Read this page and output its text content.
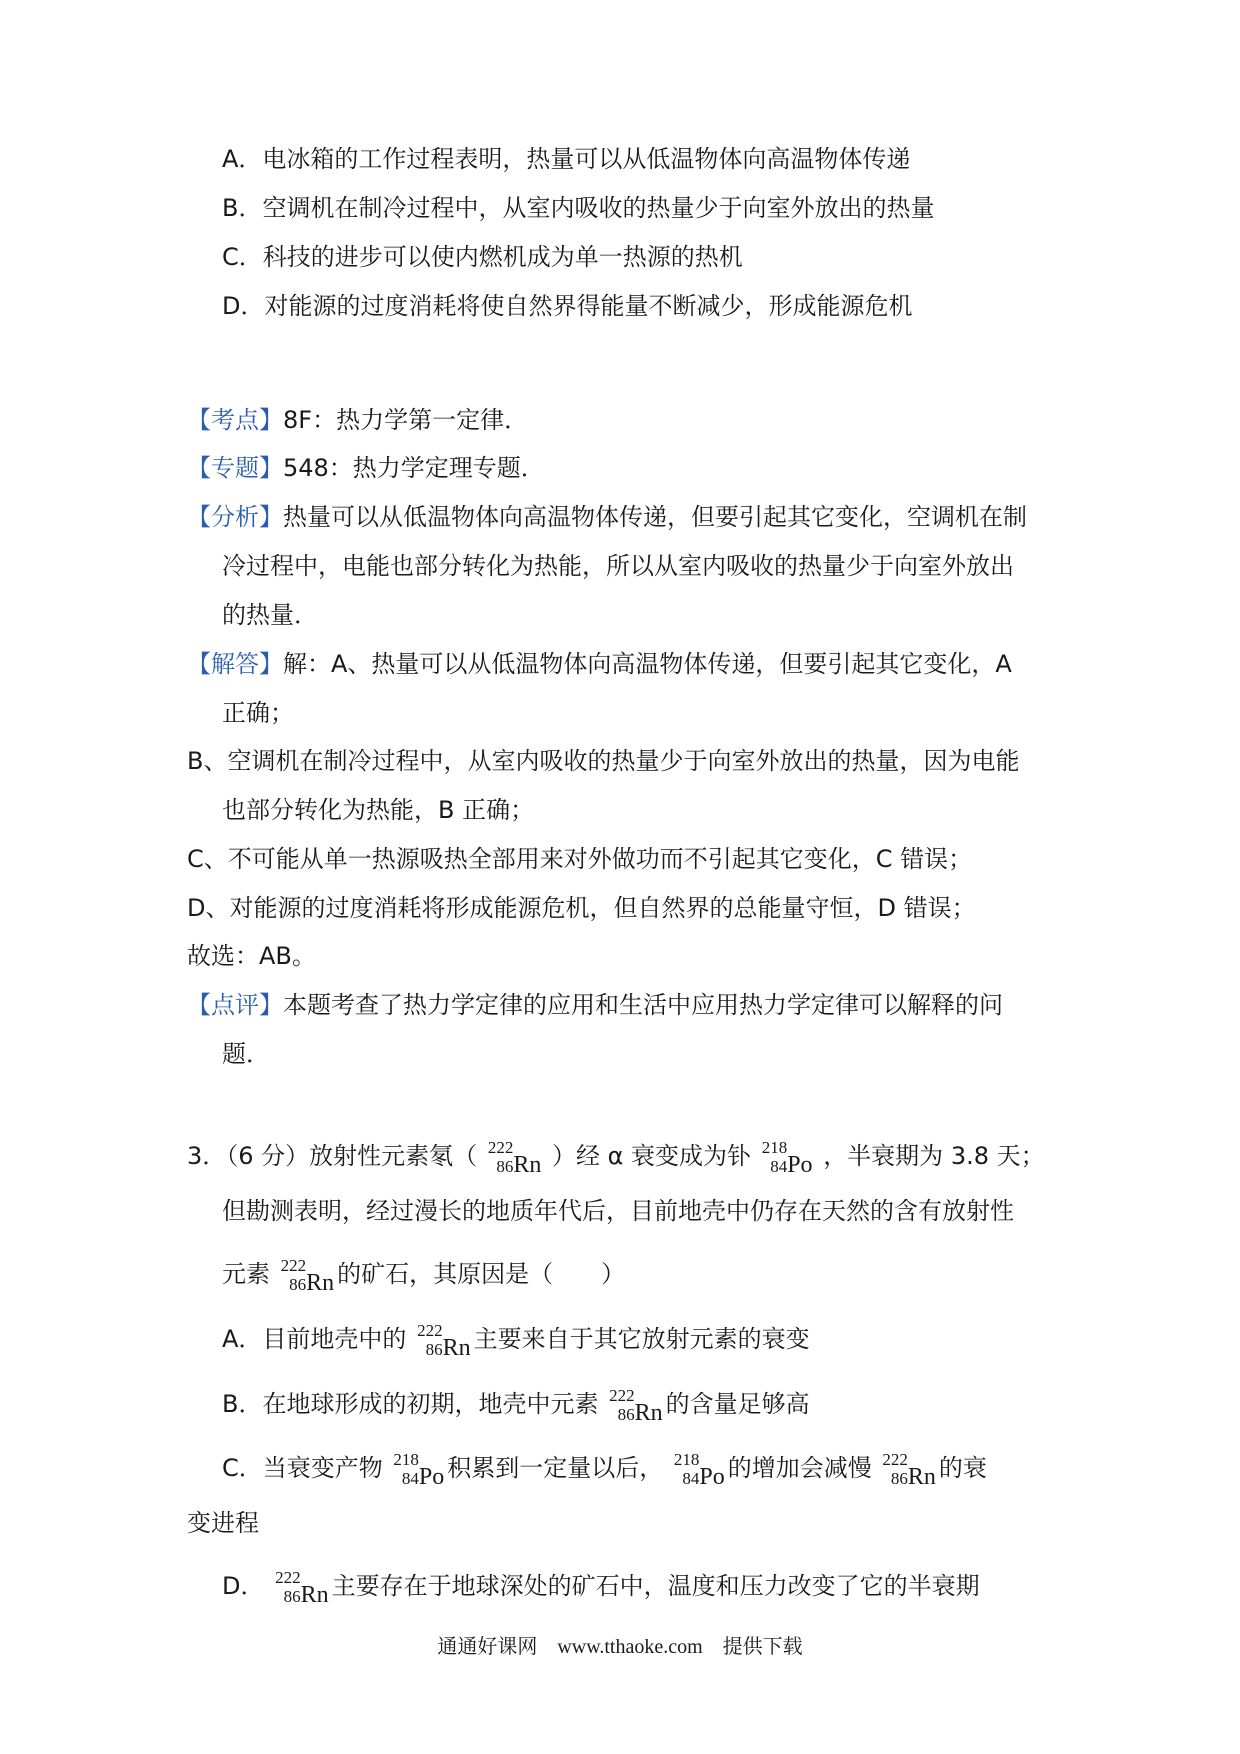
A．电冰箱的工作过程表明，热量可以从低温物体向高温物体传递
B．空调机在制冷过程中，从室内吸收的热量少于向室外放出的热量
C．科技的进步可以使内燃机成为单一热源的热机
D．对能源的过度消耗将使自然界得能量不断减少，形成能源危机
【考点】8F：热力学第一定律．
【专题】548：热力学定理专题．
【分析】热量可以从低温物体向高温物体传递，但要引起其它变化，空调机在制
冷过程中，电能也部分转化为热能，所以从室内吸收的热量少于向室外放出
的热量．
【解答】解：A、热量可以从低温物体向高温物体传递，但要引起其它变化，A
正确；
B、空调机在制冷过程中，从室内吸收的热量少于向室外放出的热量，因为电能
也部分转化为热能，B 正确；
C、不可能从单一热源吸热全部用来对外做功而不引起其它变化，C 错误；
D、对能源的过度消耗将形成能源危机，但自然界的总能量守恒，D 错误；
故选：AB。
【点评】本题考查了热力学定律的应用和生活中应用热力学定律可以解释的问
题．
3．（6 分）放射性元素氡（ 222
86 Rn ）经 α 衰变成为钋 218
84 Po ，半衰期为 3.8 天；
但勘测表明，经过漫长的地质年代后，目前地壳中仍存在天然的含有放射性
元素 222
86 Rn 的矿石，其原因是（　　）
A．目前地壳中的 222
86 Rn 主要来自于其它放射元素的衰变
B．在地球形成的初期，地壳中元素 222
86 Rn 的含量足够高
C．当衰变产物 218
84 Po 积累到一定量以后， 218
84 Po 的增加会减慢 222
86 Rn 的衰
变进程
D． 222
86 Rn 主要存在于地球深处的矿石中，温度和压力改变了它的半衰期
通通好课网　www.tthaoke.com　提供下载
